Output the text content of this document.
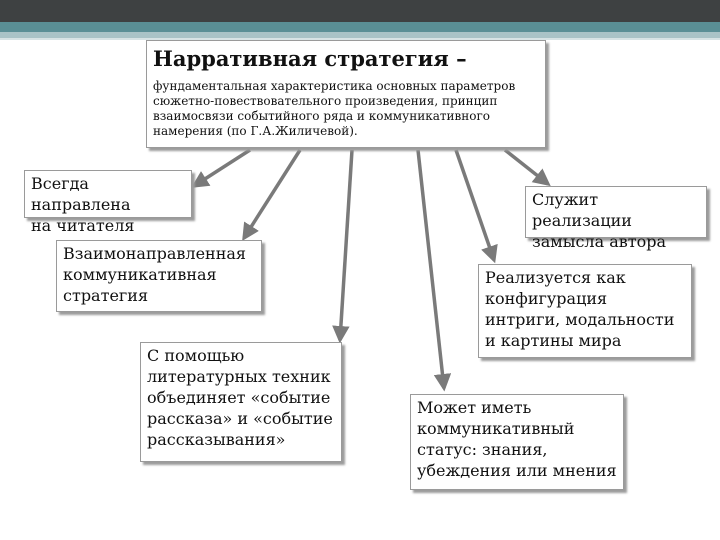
Нарративная стратегия –
фундаментальная характеристика основных параметров
сюжетно-повествовательного произведения, принцип
взаимосвязи событийного ряда и коммуникативного
намерения (по Г.А.Жиличевой).
Всегда направлена
на читателя
Служит реализации
замысла автора
Взаимонаправленная
коммуникативная
стратегия
Реализуется как
конфигурация
интриги, модальности
и картины мира
С помощью
литературных техник
объединяет «событие
рассказа» и «событие
рассказывания»
Может иметь
коммуникативный
статус: знания,
убеждения или мнения
